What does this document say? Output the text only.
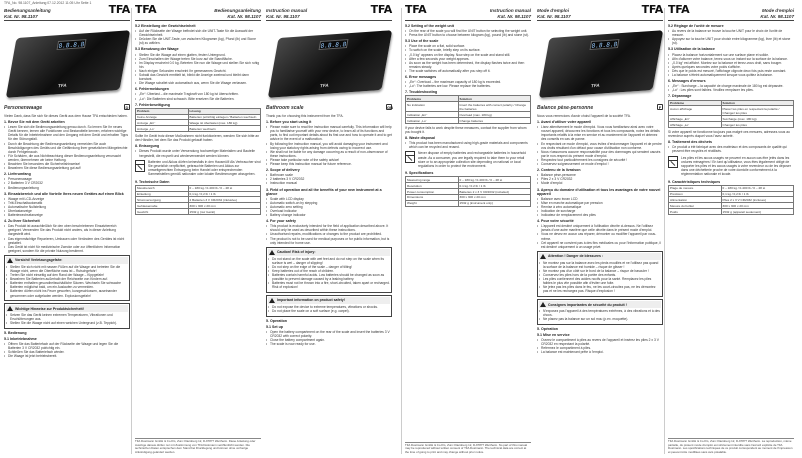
TFA_No. 98.1107_Anleitung 07.12.2012 11:05 Uhr Seite 1
Bedienungsanleitung
Kat. Nr. 98.1107	TFA
8.8.8.8
TFA
Personenwaage	D

Vielen Dank, dass Sie sich für dieses Gerät aus dem Hause TFA entschieden haben.

1. Bevor Sie mit dem Gerät arbeiten
• Lesen Sie sich die Bedienungsanleitung genau durch. So lernen Sie Ihr neues Gerät kennen, lernen alle Funktionen und Bestandteile kennen, erfahren wichtige Details für die Inbetriebnahme und den Umgang mit dem Gerät und erhalten Tipps für den Störungsfall.
• Durch die Beachtung der Bedienungsanleitung vermeiden Sie auch Beschädigungen des Geräts und die Gefährdung Ihrer gesetzlichen Mängelrechte durch Fehlgebrauch.
• Für Schäden, die aus Nichtbeachtung dieser Bedienungsanleitung verursacht werden, übernehmen wir keine Haftung.
• Beachten Sie besonders die Sicherheitshinweise!
• Bewahren Sie diese Bedienungsanleitung gut auf!
2. Lieferumfang
• Personenwaage
• 2 Batterien 3 V CR2032
• Bedienungsanleitung
3. Einsatzbereich und alle Vorteile Ihres neuen Gerätes auf einen Blick
• Waage mit LCD-Anzeige
• Tritt-Einschaltautomatik
• Automatische Nullstellung
• Überlastanzeige
• Batteriewechselanzeige
4. Zu Ihrer Sicherheit
• Das Produkt ist ausschließlich für den oben beschriebenen Einsatzbereich geeignet. Verwenden Sie das Produkt nicht anders, als in dieser Anleitung dargestellt wird.
• Das eigenmächtige Reparieren, Umbauen oder Verändern des Gerätes ist nicht gestattet.
• Das Gerät ist nicht für medizinische Zwecke oder zur öffentlichen Information geeignet, sondern für die private Nutzung bestimmt.
Vorsicht! Verletzungsgefahr:
• Stellen Sie sich nicht mit nassen Füßen auf die Waage und betreten Sie die Waage nicht, wenn die Oberfläche nass ist – Rutschgefahr!
• Treten Sie nicht einseitig auf den Rand der Waage – Kippgefahr!
• Bewahren Sie Batterien außerhalb der Reichweite von Kindern auf.
• Batterien enthalten gesundheitsschädliche Säuren. Wechseln Sie schwache Batterien möglichst bald, um ein Auslaufen zu vermeiden.
• Batterien dürfen nicht ins Feuer geworfen, kurzgeschlossen, auseinander genommen oder aufgeladen werden. Explosionsgefahr!
Wichtige Hinweise zur Produktsicherheit!
• Setzen Sie das Gerät keinen extremen Temperaturen, Vibrationen und Erschütterungen aus.
• Stellen Sie die Waage nicht auf einen weichen Untergrund (z.B. Teppich).
5. Bedienung
5.1 Inbetriebnahme
• Öffnen Sie das Batteriefach auf der Rückseite der Waage und legen Sie die Batterien 3 V CR2032 polrichtig ein.
• Schließen Sie das Batteriefach wieder.
• Die Waage ist jetzt betriebsbereit.
Bedienungsanleitung
Kat. Nr. 98.1107
TFA
5.2 Einstellung der Gewichtseinheit
• Auf der Rückseite der Waage befindet sich die UNIT-Taste für die Auswahl der Gewichtseinheit.
• Drücken Sie die UNIT-Taste, um zwischen Kilogramm (kg), Pfund (lb) und Stone (st) zu wählen.
5.3 Benutzung der Waage
• Stellen Sie die Waage auf einen glatten, festen Untergrund.
• Zum Einschalten der Waage treten Sie kurz auf die Standfläche.
• Im Display erscheint 0.0 kg. Betreten Sie nun die Waage und stellen Sie sich ruhig hin.
• Nach einigen Sekunden erscheint Ihr gemessenes Gewicht.
• Sobald das Gewicht ermittelt ist, blinkt die Anzeige zweimal und bleibt dann konstant.
• Die Waage schaltet sich automatisch aus, wenn Sie die Waage verlassen.
6. Fehlermeldungen
• „Err“: Überlast – die maximale Tragkraft von 180 kg ist überschritten.
• „Lo“: Die Batterien sind schwach. Bitte ersetzen Sie die Batterien.
7. Fehlerbeseitigung
Problem	Lösung
Keine Anzeige	Batterien polrichtig einlegen / Batterien wechseln
Anzeige „Err“	Waage ist überlastet (max. 180 kg)
Anzeige „Lo“	Batterien wechseln

Sollte Ihr Gerät trotz dieser Maßnahmen nicht funktionieren, wenden Sie sich bitte an den Händler, bei dem Sie das Produkt gekauft haben.

8. Entsorgung
• Dieses Produkt wurde unter Verwendung hochwertiger Materialien und Bauteile hergestellt, die recycelt und wiederverwendet werden können.

Batterien und Akkus dürfen keinesfalls in den Hausmüll! Als Verbraucher sind Sie gesetzlich verpflichtet, gebrauchte Batterien und Akkus zur umweltgerechten Entsorgung beim Handel oder entsprechenden Sammelstellen gemäß nationaler oder lokaler Bestimmungen abzugeben.

9. Technische Daten
Messbereich	0 – 180 kg / 0-400 lb / 0 – 28 st
Einteilung	0,1 kg / 0,2 lb / 1 lb
Stromversorgung	2 Batterien 3 V CR2032 (inklusive)
Gehäusemaße	300 x 300 x 20 mm
Gewicht	1532 g (nur Gerät)
TFA Dostmann GmbH & Co.KG, Zum Ottersberg 12, D-97877 Wertheim. Diese Anleitung oder Auszüge daraus dürfen nur mit Zustimmung von TFA Dostmann veröffentlicht werden. Die technischen Daten entsprechen dem Stand bei Drucklegung und können ohne vorherige Ankündigung geändert werden.
Instruction manual
Kat. Nr. 98.1107	TFA
8.8.8.8
TFA
Bathroom scale	GB

Thank you for choosing this instrument from the TFA.

1. Before you start using it
• Please make sure to read the instruction manual carefully. This information will help you to familiarise yourself with your new device, to learn all of its functions and parts, to find out important details about its first use and how to operate it and to get advice in the event of a malfunction.
• By following the instruction manual, you will avoid damaging your instrument and losing your statutory rights arising from defects owing to incorrect use.
• We shall not be liable for any damage occurring as a result of non-observance of these instructions.
• Please take particular note of the safety advice!
• Please keep this instruction manual for future reference.
2. Scope of delivery
• Bathroom scale
• 2 batteries 3 V CR2032
• Instruction manual
3. Field of operation and all the benefits of your new instrument at a glance
• Scale with LCD display
• Automatic switch-on by stepping
• Automatic zero setting
• Overload indicator
• Battery change indicator
4. For your safety
• This product is exclusively intended for the field of application described above. It should only be used as described within these instructions.
• Unauthorised repairs, modifications or changes to the product are prohibited.
• The product is not to be used for medical purposes or for public information, but is only intended for home use.
Caution! Risk of injury:
• Do not stand on the scale with wet feet and do not step on the scale when its surface is wet – danger of slipping!
• Do not step on the edge of the scale – danger of tilting!
• Keep batteries out of the reach of children.
• Batteries contain harmful acids. Low batteries should be changed as soon as possible to prevent damage caused by a leaking battery.
• Batteries must not be thrown into a fire, short-circuited, taken apart or recharged. Risk of explosion!
Important information on product safety!
• Do not expose the device to extreme temperatures, vibrations or shocks.
• Do not place the scale on a soft surface (e.g. carpet).
5. Operation
5.1 Set up
• Open the battery compartment on the rear of the scale and insert the batteries 3 V CR2032 with correct polarity.
• Close the battery compartment again.
• The scale is now ready for use.
Instruction manual
Kat. Nr. 98.1107
TFA
5.2 Setting of the weight unit
• On the rear of the scale you will find the UNIT button for selecting the weight unit.
• Press the UNIT button to choose between kilogram (kg), pound (lb) and stone (st).
5.3 Use of the scale
• Place the scale on a flat, solid surface.
• To switch on the scale, briefly step on its surface.
• „0.0 kg“ appears on the display. Now step on the scale and stand still.
• After a few seconds your weight appears.
• As soon as the weight has been determined, the display flashes twice and then remains steady.
• The scale switches off automatically after you step off it.
6. Error messages
• „Err“: Overload – the maximum capacity of 180 kg is exceeded.
• „Lo“: The batteries are low. Please replace the batteries.
7. Troubleshooting
Problems	Solution
No indication	Insert the batteries with correct polarity / Change the batteries
Indication „Err“	Overload (max. 180 kg)
Indication „Lo“	Change batteries

If your device fails to work despite these measures, contact the supplier from whom you bought it.

8. Waste disposal
• This product has been manufactured using high-grade materials and components which can be recycled and reused.

Never dispose of empty batteries and rechargeable batteries in household waste. As a consumer, you are legally required to take them to your retail store or to an appropriate collection site depending on national or local regulations in order to protect the environment.

9. Specifications
Measuring range	0 – 180 kg / 0-400 lb / 0 – 28 st
Resolution	0.1 kg / 0.2 lb / 1 lb
Power consumption	Batteries 2 x 3 V CR2032 (included)
Dimensions	300 x 300 x 20 mm
Weight	1532 g (instrument only)
TFA Dostmann GmbH & Co.KG, Zum Ottersberg 12, D-97877 Wertheim. No part of this manual may be reproduced without written consent of TFA Dostmann. The technical data are correct at the time of going to print and may change without prior notice.
Mode d'emploi
Kat. Nr. 98.1107	TFA
8.8.8.8
TFA
Balance pèse-personne	F

Nous vous remercions d'avoir choisi l'appareil de la société TFA.

1. Avant d'utiliser votre appareil
• Lisez attentivement le mode d'emploi. Vous vous familiarisez ainsi avec votre nouvel appareil, découvrez les fonctions et tous les composants, notez les détails importants relatifs à la mise en service et au maniement de l'appareil et obtenez des conseils en cas de panne.
• En respectant ce mode d'emploi, vous évitez d'endommager l'appareil et de perdre vos droits résultant d'un défaut pour cause d'utilisation non conforme.
• Nous n'assumons aucune responsabilité pour des dommages qui seraient causés par le non-respect du présent mode d'emploi.
• Respectez tout particulièrement les consignes de sécurité !
• Conservez soigneusement ce mode d'emploi !
2. Contenu de la livraison
• Balance pèse-personne
• Piles 2 x 3 V CR2032
• Mode d'emploi
3. Aperçu du domaine d'utilisation et tous les avantages de votre nouvel appareil
• Balance avec écran LCD
• Mise en marche automatique par pression
• Remise à zéro automatique
• Indication de surcharge
• Indicateur de remplacement des piles
4. Pour votre sécurité
• L'appareil est destiné uniquement à l'utilisation décrite ci-dessus. Ne l'utilisez jamais d'une autre manière que celle décrite dans le présent mode d'emploi.
• Vous ne devez en aucun cas réparer, démonter ou modifier l'appareil par vous-même.
• Cet appareil ne convient pas à des fins médicales ou pour l'information publique, il est destiné uniquement à un usage privé.
Attention ! Danger de blessures :
• Ne montez pas sur la balance avec les pieds mouillés et ne l'utilisez pas quand la surface de la balance est humide – risque de glisser !
• Ne montez pas d'un côté sur le bord de la balance – risque de basculer !
• Conservez les piles hors de la portée des enfants.
• Les piles contiennent des acides nocifs pour la santé. Remplacez les piles faibles le plus vite possible afin d'éviter une fuite.
• Ne jetez pas les piles dans le feu, ne les court-circuitez pas, ne les démontez pas et ne les rechargez pas. Risque d'explosion !
Consignes importantes de sécurité du produit !
• N'exposez pas l'appareil à des températures extrêmes, à des vibrations et à des chocs.
• Ne placez pas la balance sur un sol mou (p.ex. moquette).
5. Opération
5.1 Mise en service
• Ouvrez le compartiment à piles au revers de l'appareil et insérez les piles 2 x 3 V CR2032 en respectant la polarité.
• Refermez le compartiment à piles.
• La balance est maintenant prête à l'emploi.
Mode d'emploi
Kat. Nr. 98.1107
TFA
5.2 Réglage de l'unité de mesure
• Au revers de la balance se trouve la touche UNIT pour le choix de l'unité de mesure.
• Appuyez sur la touche UNIT pour choisir entre kilogramme (kg), livre (lb) et stone (st).
5.3 Utilisation de la balance
• Placez la balance horizontalement sur une surface plane et solide.
• Afin d'allumer votre balance, tenez-vous un instant sur la surface de la balance.
• „0.0 kg“ est affiché. Montez sur la balance et tenez-vous droit, sans bouger.
• Après quelques secondes votre poids s'affiche.
• Dès que le poids est mesuré, l'affichage clignote deux fois puis reste constant.
• La balance s'éteint automatiquement lorsque vous quittez la balance.
6. Messages d'erreurs
• „Err“ : Surcharge – la capacité de charge maximale de 180 kg est dépassée.
• „Lo“ : Les piles sont faibles. Veuillez remplacer les piles.
7. Dépannage
Problème	Solution
Aucun affichage	Placez les piles en respectant la polarité / Changez les piles
Affichage „Err“	Surcharge (max. 180 kg)
Affichage „Lo“	Changez les piles

Si votre appareil ne fonctionne toujours pas malgré ces mesures, adressez-vous au revendeur auprès duquel vous l'avez acheté.

8. Traitement des déchets
• Ce produit a été fabriqué avec des matériaux et des composants de qualité qui peuvent être recyclés et réutilisés.

Les piles et les accus usagés ne peuvent en aucun cas être jetés dans les ordures ménagères ! En tant qu'utilisateur, vous êtes légalement obligé de rapporter les piles et les accus usagés à votre revendeur ou de les déposer dans une déchetterie proche de votre domicile conformément à la réglementation nationale et locale.

9. Caractéristiques techniques
Plage de mesure	0 – 180 kg / 0-400 lb / 0 – 28 st
Précision	0,1 kg / 0,2 lb / 1 lb
Alimentation	Piles 2 x 3 V CR2032 (incluses)
Mesure du boîtier	300 x 300 x 20 mm
Poids	1532 g (appareil seulement)
TFA Dostmann GmbH & Co.KG, Zum Ottersberg 12, D-97877 Wertheim. La reproduction, même partielle, du présent mode d'emploi est strictement interdite sans l'accord explicite de TFA Dostmann. Les spécifications techniques de ce produit correspondent au moment de l'impression et peuvent être modifiées sans avis préalable.
